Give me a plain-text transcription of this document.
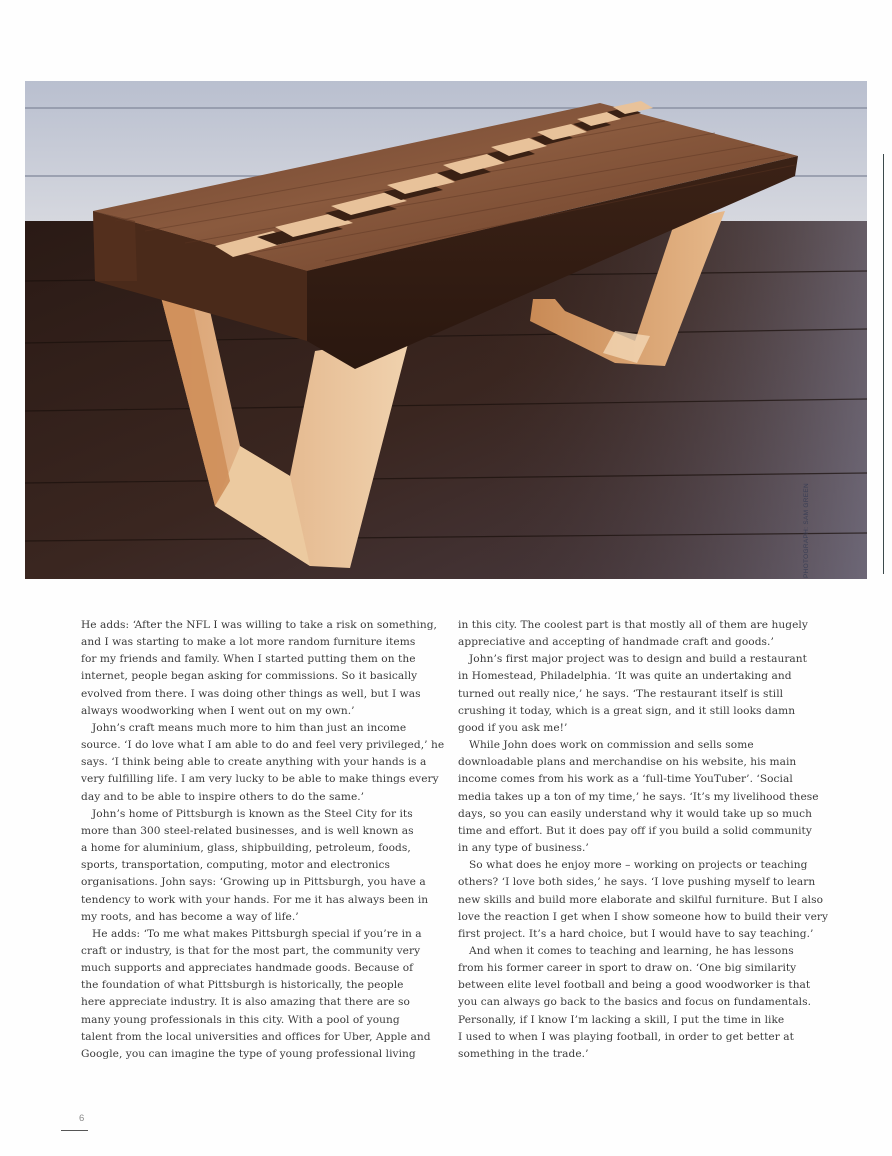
PHOTOGRAPH: SAM GREEN

He adds: ‘After the NFL I was willing to take a risk on something,

and I was starting to make a lot more random furniture items

for my friends and family. When I started putting them on the

internet, people began asking for commissions. So it basically

evolved from there. I was doing other things as well, but I was

always woodworking when I went out on my own.’

John’s craft means much more to him than just an income

source. ‘I do love what I am able to do and feel very privileged,’ he

says. ‘I think being able to create anything with your hands is a

very fulfilling life. I am very lucky to be able to make things every

day and to be able to inspire others to do the same.’

John’s home of Pittsburgh is known as the Steel City for its

more than 300 steel-related businesses, and is well known as

a home for aluminium, glass, shipbuilding, petroleum, foods,

sports, transportation, computing, motor and electronics

organisations. John says: ‘Growing up in Pittsburgh, you have a

tendency to work with your hands. For me it has always been in

my roots, and has become a way of life.’

He adds: ‘To me what makes Pittsburgh special if you’re in a

craft or industry, is that for the most part, the community very

much supports and appreciates handmade goods. Because of

the foundation of what Pittsburgh is historically, the people

here appreciate industry. It is also amazing that there are so

many young professionals in this city. With a pool of young

talent from the local universities and offices for Uber, Apple and

Google, you can imagine the type of young professional living

in this city. The coolest part is that mostly all of them are hugely

appreciative and accepting of handmade craft and goods.’

John’s first major project was to design and build a restaurant

in Homestead, Philadelphia. ‘It was quite an undertaking and

turned out really nice,’ he says. ‘The restaurant itself is still

crushing it today, which is a great sign, and it still looks damn

good if you ask me!’

While John does work on commission and sells some

downloadable plans and merchandise on his website, his main

income comes from his work as a ‘full-time YouTuber’. ‘Social

media takes up a ton of my time,’ he says. ‘It’s my livelihood these

days, so you can easily understand why it would take up so much

time and effort. But it does pay off if you build a solid community

in any type of business.’

So what does he enjoy more – working on projects or teaching

others? ‘I love both sides,’ he says. ‘I love pushing myself to learn

new skills and build more elaborate and skilful furniture. But I also

love the reaction I get when I show someone how to build their very

first project. It’s a hard choice, but I would have to say teaching.’

And when it comes to teaching and learning, he has lessons

from his former career in sport to draw on. ‘One big similarity

between elite level football and being a good woodworker is that

you can always go back to the basics and focus on fundamentals.

Personally, if I know I’m lacking a skill, I put the time in like

I used to when I was playing football, in order to get better at

something in the trade.’

6
